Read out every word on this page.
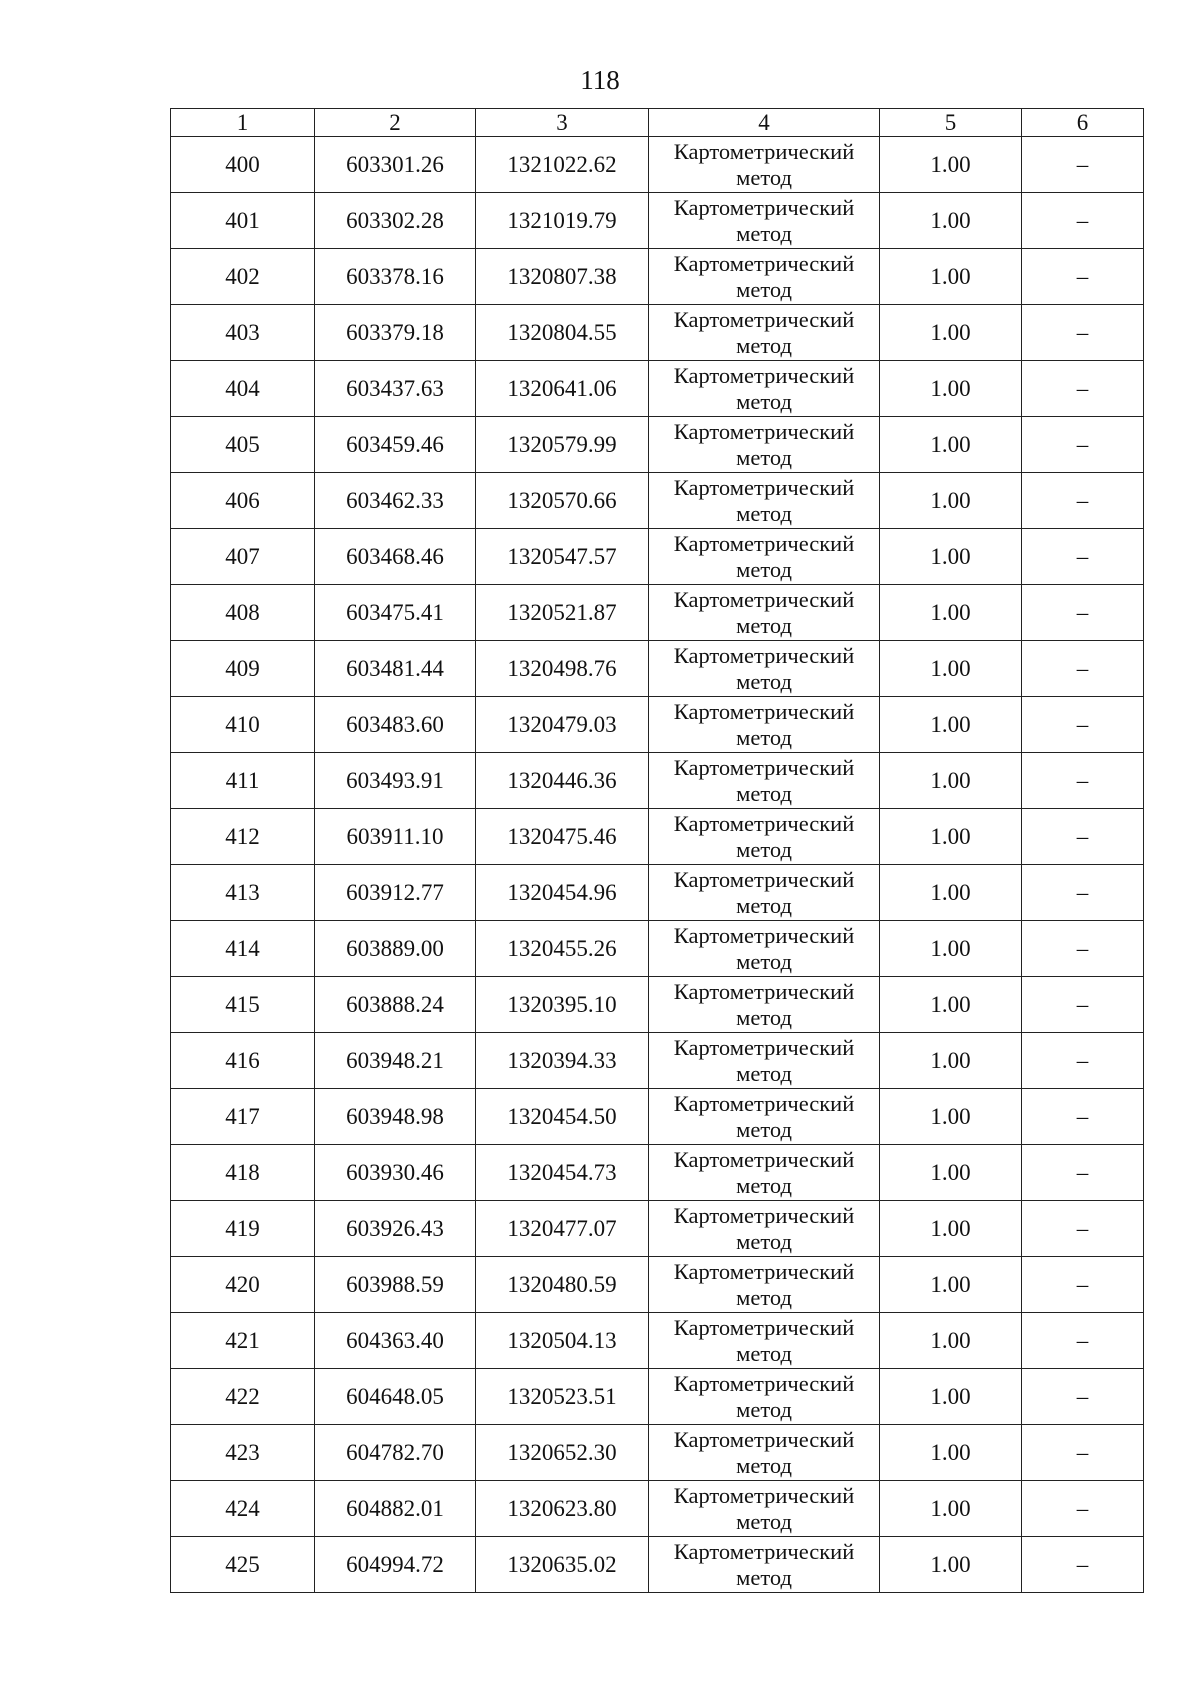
118
1	2	3	4	5	6
400	603301.26	1321022.62	Картометрический метод	1.00	–
401	603302.28	1321019.79	Картометрический метод	1.00	–
402	603378.16	1320807.38	Картометрический метод	1.00	–
403	603379.18	1320804.55	Картометрический метод	1.00	–
404	603437.63	1320641.06	Картометрический метод	1.00	–
405	603459.46	1320579.99	Картометрический метод	1.00	–
406	603462.33	1320570.66	Картометрический метод	1.00	–
407	603468.46	1320547.57	Картометрический метод	1.00	–
408	603475.41	1320521.87	Картометрический метод	1.00	–
409	603481.44	1320498.76	Картометрический метод	1.00	–
410	603483.60	1320479.03	Картометрический метод	1.00	–
411	603493.91	1320446.36	Картометрический метод	1.00	–
412	603911.10	1320475.46	Картометрический метод	1.00	–
413	603912.77	1320454.96	Картометрический метод	1.00	–
414	603889.00	1320455.26	Картометрический метод	1.00	–
415	603888.24	1320395.10	Картометрический метод	1.00	–
416	603948.21	1320394.33	Картометрический метод	1.00	–
417	603948.98	1320454.50	Картометрический метод	1.00	–
418	603930.46	1320454.73	Картометрический метод	1.00	–
419	603926.43	1320477.07	Картометрический метод	1.00	–
420	603988.59	1320480.59	Картометрический метод	1.00	–
421	604363.40	1320504.13	Картометрический метод	1.00	–
422	604648.05	1320523.51	Картометрический метод	1.00	–
423	604782.70	1320652.30	Картометрический метод	1.00	–
424	604882.01	1320623.80	Картометрический метод	1.00	–
425	604994.72	1320635.02	Картометрический метод	1.00	–
